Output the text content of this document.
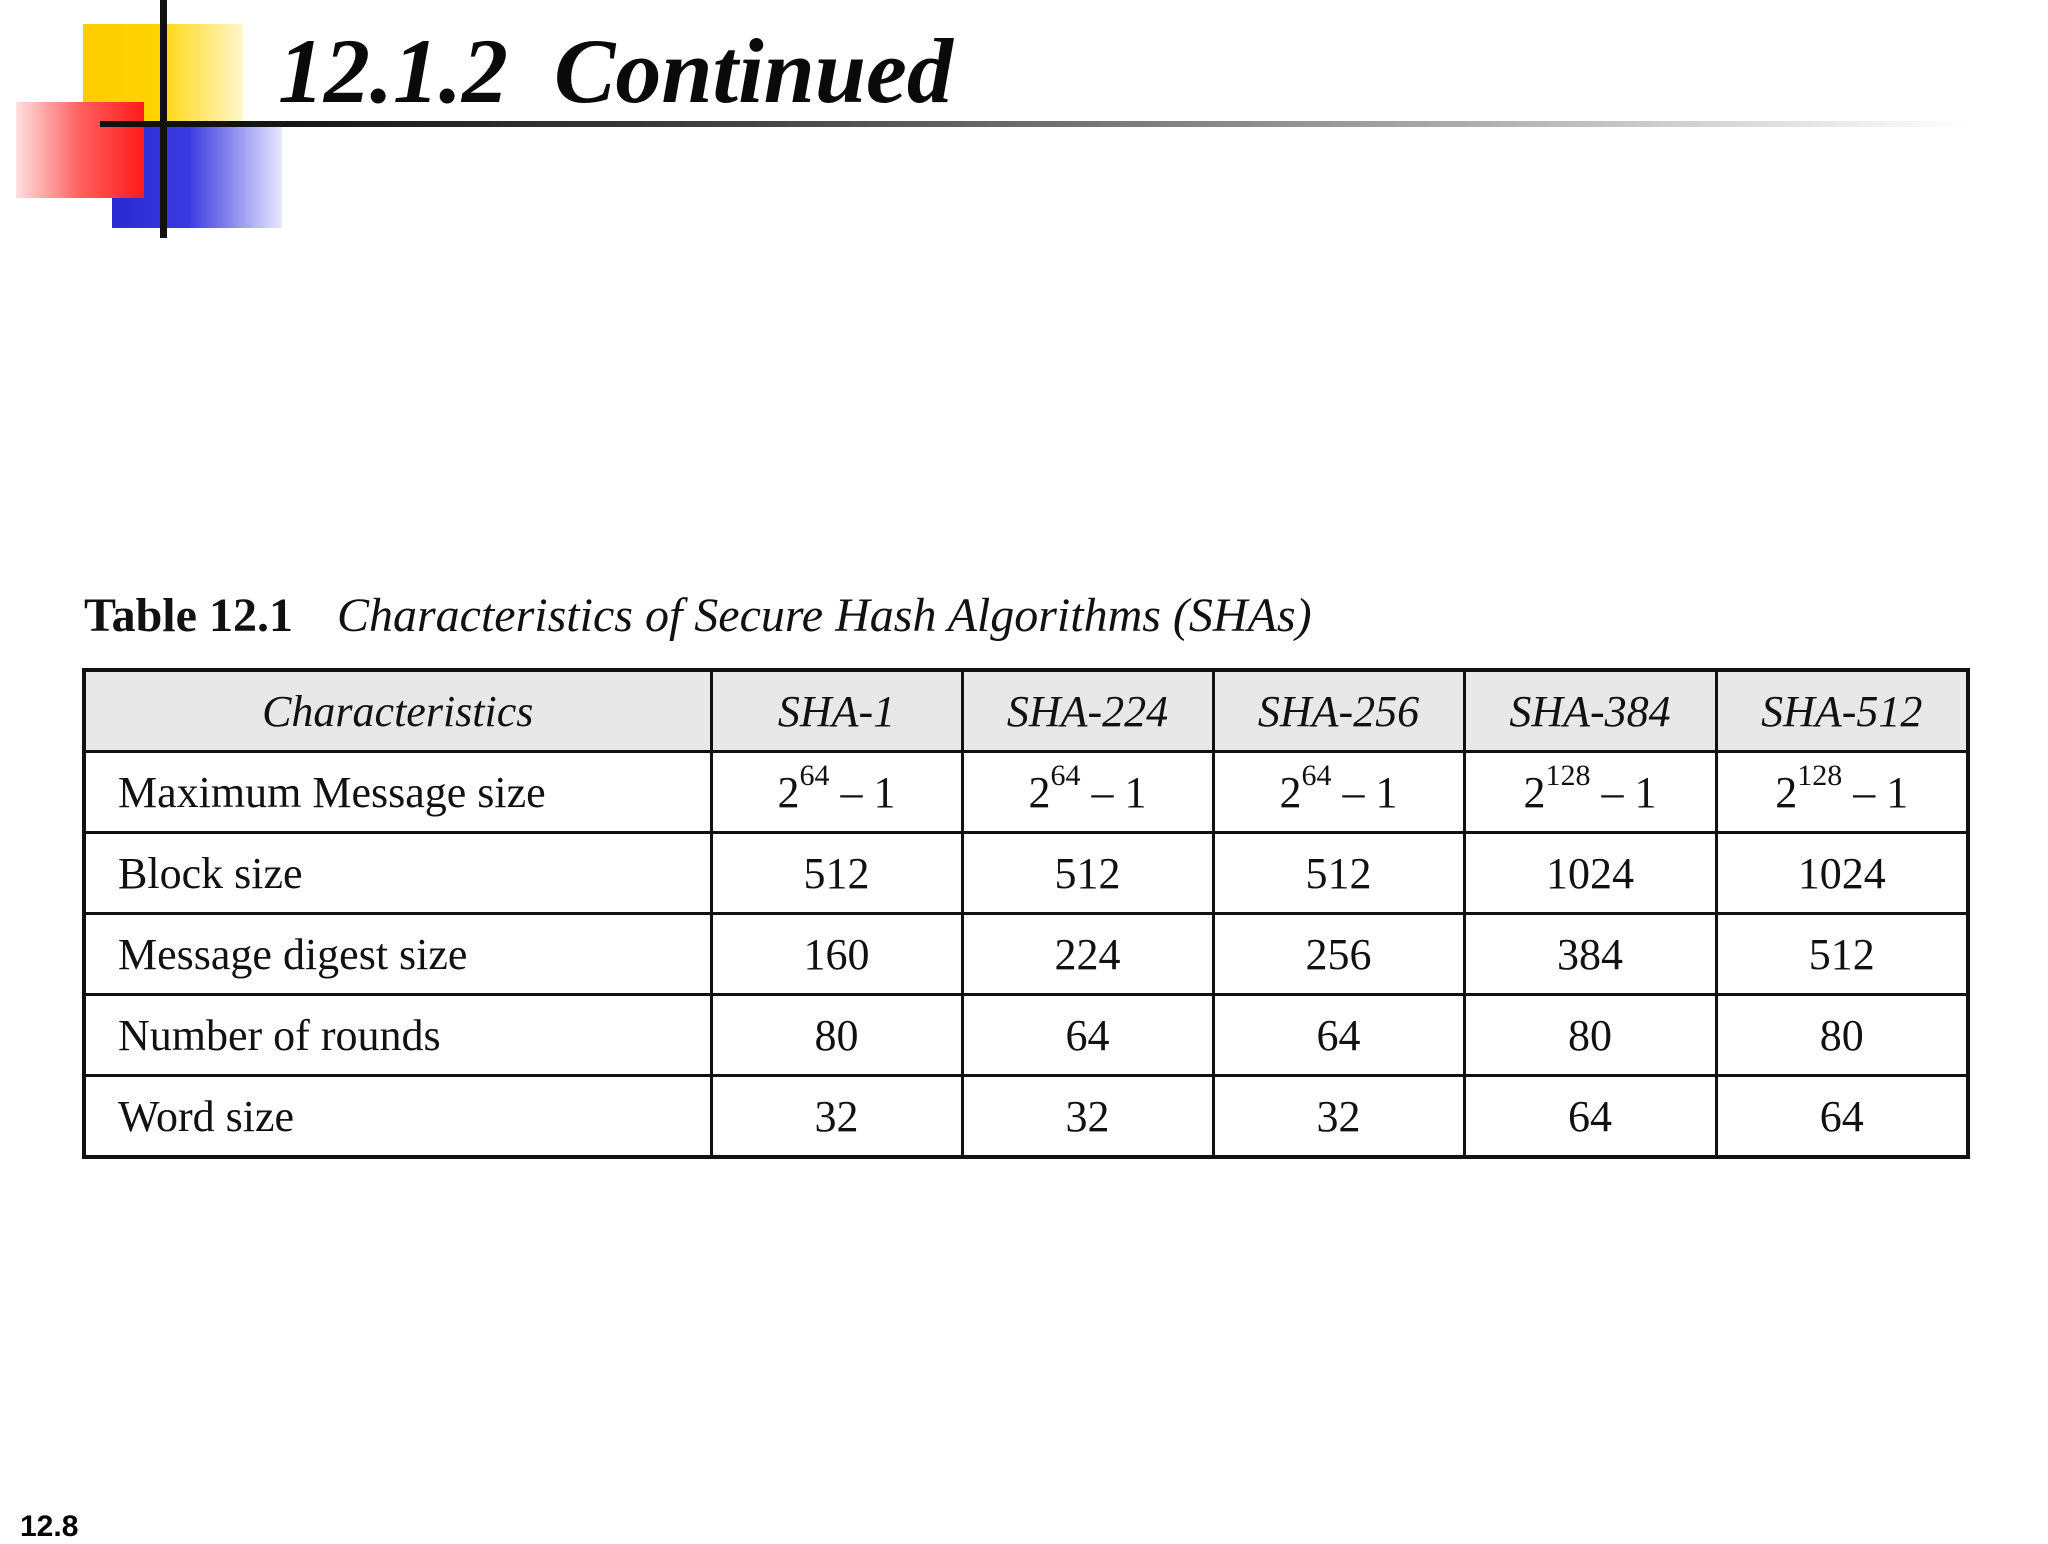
12.1.2  Continued
Table 12.1 Characteristics of Secure Hash Algorithms (SHAs)
Characteristics	SHA-1	SHA-224	SHA-256	SHA-384	SHA-512
Maximum Message size	$2^{64} - 1$	$2^{64} - 1$	$2^{64} - 1$	$2^{128} - 1$	$2^{128} - 1$
Block size	512	512	512	1024	1024
Message digest size	160	224	256	384	512
Number of rounds	80	64	64	80	80
Word size	32	32	32	64	64
12.8
